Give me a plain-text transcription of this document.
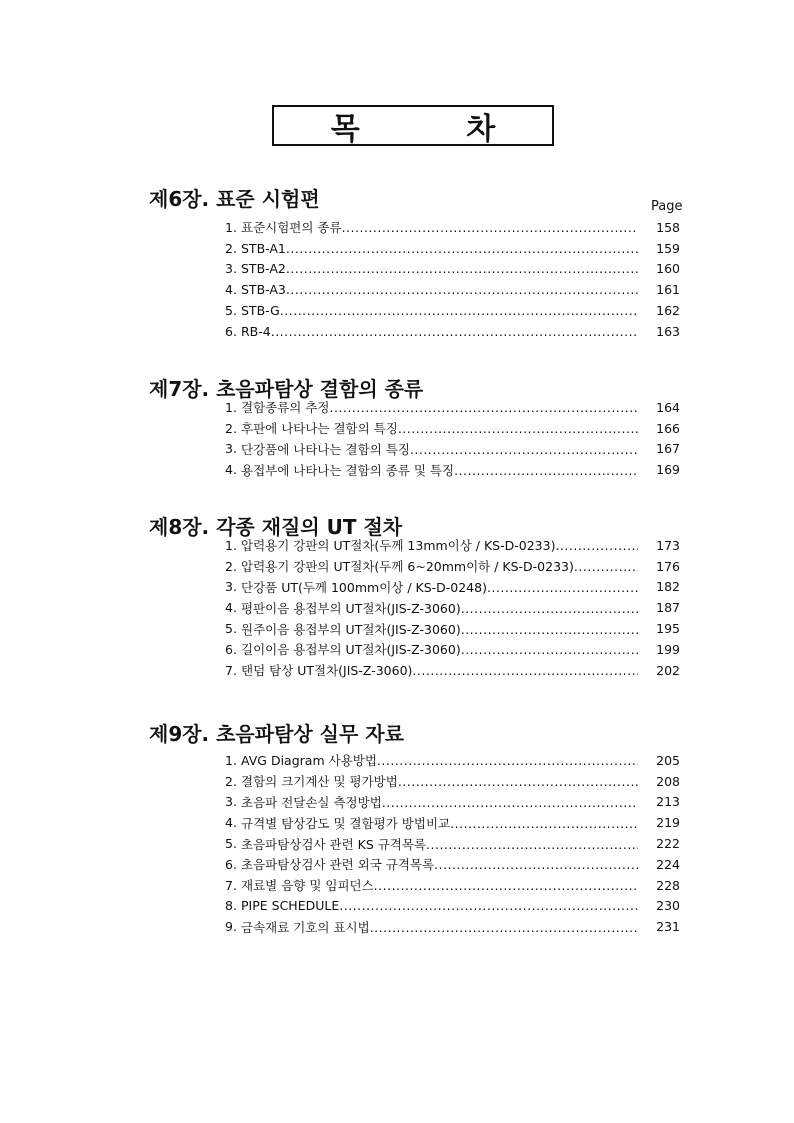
목 차
Page
제6장. 표준 시험편
1. 표준시험편의 종류 .....	158
2. STB-A1 .....	159
3. STB-A2 .....	160
4. STB-A3 .....	161
5. STB-G .....	162
6. RB-4 .....	163
제7장. 초음파탐상 결함의 종류
1. 결함종류의 추정 .....	164
2. 후판에 나타나는 결함의 특징 .....	166
3. 단강품에 나타나는 결함의 특징 .....	167
4. 용접부에 나타나는 결함의 종류 및 특징 .....	169
제8장. 각종 재질의 UT 절차
1. 압력용기 강판의 UT절차(두께 13mm이상 / KS-D-0233) .....	173
2. 압력용기 강판의 UT절차(두께 6~20mm이하 / KS-D-0233) .....	176
3. 단강품 UT(두께 100mm이상 / KS-D-0248) .....	182
4. 평판이음 용접부의 UT절차(JIS-Z-3060) .....	187
5. 원주이음 용접부의 UT절차(JIS-Z-3060) .....	195
6. 길이이음 용접부의 UT절차(JIS-Z-3060) .....	199
7. 탠덤 탐상 UT절차(JIS-Z-3060) .....	202
제9장. 초음파탐상 실무 자료
1. AVG Diagram 사용방법 .....	205
2. 결함의 크기계산 및 평가방법 .....	208
3. 초음파 전달손실 측정방법 .....	213
4. 규격별 탐상감도 및 결함평가 방법비교 .....	219
5. 초음파탐상검사 관련 KS 규격목록 .....	222
6. 초음파탐상검사 관련 외국 규격목록 .....	224
7. 재료별 음향 및 임피던스 .....	228
8. PIPE SCHEDULE .....	230
9. 금속재료 기호의 표시법 .....	231
